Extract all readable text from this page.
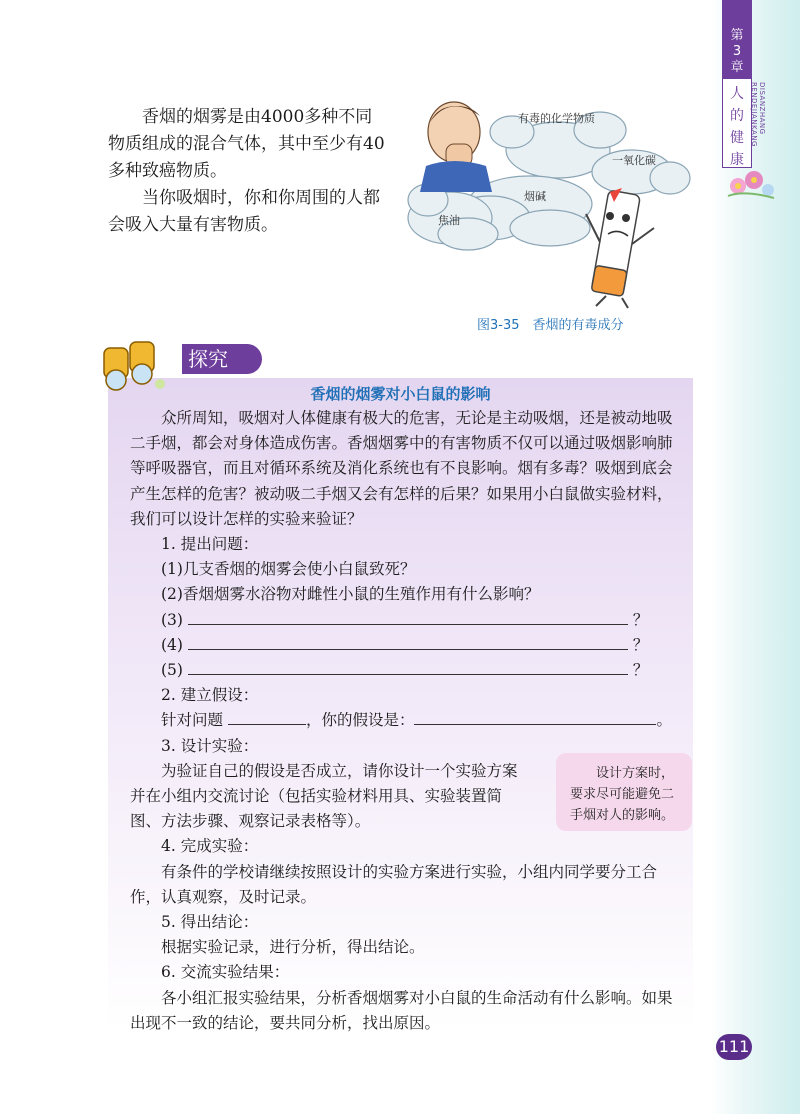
第
3
章
人
的
健
康
DISANZHANG RENDEJIANKANG

香烟的烟雾是由4000多种不同物质组成的混合气体，其中至少有40多种致癌物质。

当你吸烟时，你和你周围的人都会吸入大量有害物质。

有毒的化学物质
一氧化碳
烟碱
焦油
图3-35　香烟的有毒成分
探究
香烟的烟雾对小白鼠的影响

众所周知，吸烟对人体健康有极大的危害，无论是主动吸烟，还是被动地吸二手烟，都会对身体造成伤害。香烟烟雾中的有害物质不仅可以通过吸烟影响肺等呼吸器官，而且对循环系统及消化系统也有不良影响。烟有多毒？吸烟到底会产生怎样的危害？被动吸二手烟又会有怎样的后果？如果用小白鼠做实验材料，我们可以设计怎样的实验来验证？

1. 提出问题：

(1)几支香烟的烟雾会使小白鼠致死？

(2)香烟烟雾水浴物对雌性小鼠的生殖作用有什么影响？

(3)	？

(4)	？

(5)	？

2. 建立假设：

针对问题	，你的假设是：	。

3. 设计实验：

为验证自己的假设是否成立，请你设计一个实验方案并在小组内交流讨论（包括实验材料用具、实验装置简图、方法步骤、观察记录表格等）。

4. 完成实验：

有条件的学校请继续按照设计的实验方案进行实验，小组内同学要分工合作，认真观察，及时记录。

5. 得出结论：

根据实验记录，进行分析，得出结论。

6. 交流实验结果：

各小组汇报实验结果，分析香烟烟雾对小白鼠的生命活动有什么影响。如果出现不一致的结论，要共同分析，找出原因。

设计方案时，要求尽可能避免二手烟对人的影响。
111
